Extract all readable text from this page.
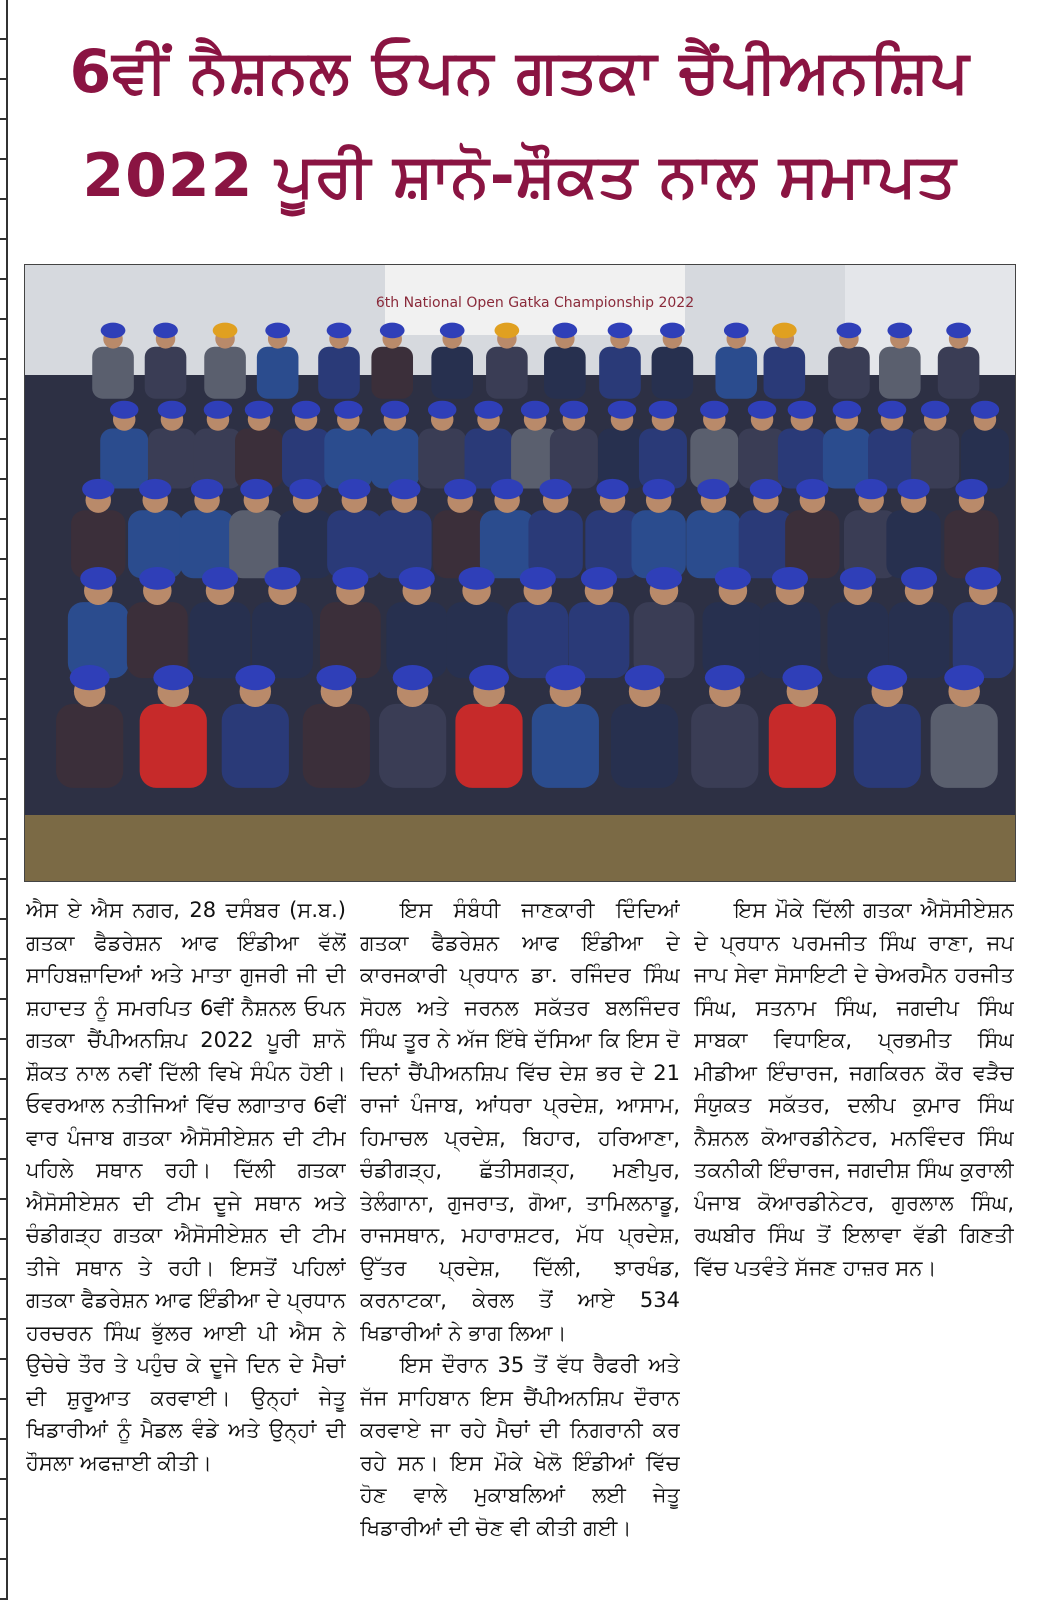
6ਵੀਂ ਨੈਸ਼ਨਲ ਓਪਨ ਗਤਕਾ ਚੈਂਪੀਅਨਸ਼ਿਪ
2022 ਪੂਰੀ ਸ਼ਾਨੋ-ਸ਼ੌਕਤ ਨਾਲ ਸਮਾਪਤ
6th National Open Gatka Championship 2022

ਐਸ ਏ ਐਸ ਨਗਰ, 28 ਦਸੰਬਰ (ਸ.ਬ.) ਗਤਕਾ ਫੈਡਰੇਸ਼ਨ ਆਫ ਇੰਡੀਆ ਵੱਲੋਂ ਸਾਹਿਬਜ਼ਾਦਿਆਂ ਅਤੇ ਮਾਤਾ ਗੁਜਰੀ ਜੀ ਦੀ ਸ਼ਹਾਦਤ ਨੂੰ ਸਮਰਪਿਤ 6ਵੀਂ ਨੈਸ਼ਨਲ ਓਪਨ ਗਤਕਾ ਚੈਂਪੀਅਨਸ਼ਿਪ 2022 ਪੂਰੀ ਸ਼ਾਨੋ ਸ਼ੌਕਤ ਨਾਲ ਨਵੀਂ ਦਿੱਲੀ ਵਿਖੇ ਸੰਪੰਨ ਹੋਈ। ਓਵਰਆਲ ਨਤੀਜਿਆਂ ਵਿੱਚ ਲਗਾਤਾਰ 6ਵੀਂ ਵਾਰ ਪੰਜਾਬ ਗਤਕਾ ਐਸੋਸੀਏਸ਼ਨ ਦੀ ਟੀਮ ਪਹਿਲੇ ਸਥਾਨ ਰਹੀ। ਦਿੱਲੀ ਗਤਕਾ ਐਸੋਸੀਏਸ਼ਨ ਦੀ ਟੀਮ ਦੂਜੇ ਸਥਾਨ ਅਤੇ ਚੰਡੀਗੜ੍ਹ ਗਤਕਾ ਐਸੋਸੀਏਸ਼ਨ ਦੀ ਟੀਮ ਤੀਜੇ ਸਥਾਨ ਤੇ ਰਹੀ। ਇਸਤੋਂ ਪਹਿਲਾਂ ਗਤਕਾ ਫੈਡਰੇਸ਼ਨ ਆਫ ਇੰਡੀਆ ਦੇ ਪ੍ਰਧਾਨ ਹਰਚਰਨ ਸਿੰਘ ਭੁੱਲਰ ਆਈ ਪੀ ਐਸ ਨੇ ਉਚੇਚੇ ਤੌਰ ਤੇ ਪਹੁੰਚ ਕੇ ਦੂਜੇ ਦਿਨ ਦੇ ਮੈਚਾਂ ਦੀ ਸ਼ੁਰੂਆਤ ਕਰਵਾਈ। ਉਨ੍ਹਾਂ ਜੇਤੂ ਖਿਡਾਰੀਆਂ ਨੂੰ ਮੈਡਲ ਵੰਡੇ ਅਤੇ ਉਨ੍ਹਾਂ ਦੀ ਹੌਸਲਾ ਅਫਜ਼ਾਈ ਕੀਤੀ।

ਇਸ ਸੰਬੰਧੀ ਜਾਣਕਾਰੀ ਦਿੰਦਿਆਂ ਗਤਕਾ ਫੈਡਰੇਸ਼ਨ ਆਫ ਇੰਡੀਆ ਦੇ ਕਾਰਜਕਾਰੀ ਪ੍ਰਧਾਨ ਡਾ. ਰਜਿੰਦਰ ਸਿੰਘ ਸੋਹਲ ਅਤੇ ਜਰਨਲ ਸਕੱਤਰ ਬਲਜਿੰਦਰ ਸਿੰਘ ਤੂਰ ਨੇ ਅੱਜ ਇੱਥੇ ਦੱਸਿਆ ਕਿ ਇਸ ਦੋ ਦਿਨਾਂ ਚੈਂਪੀਅਨਸ਼ਿਪ ਵਿੱਚ ਦੇਸ਼ ਭਰ ਦੇ 21 ਰਾਜਾਂ ਪੰਜਾਬ, ਆਂਧਰਾ ਪ੍ਰਦੇਸ਼, ਆਸਾਮ, ਹਿਮਾਚਲ ਪ੍ਰਦੇਸ਼, ਬਿਹਾਰ, ਹਰਿਆਣਾ, ਚੰਡੀਗੜ੍ਹ, ਛੱਤੀਸਗੜ੍ਹ, ਮਣੀਪੁਰ, ਤੇਲੰਗਾਨਾ, ਗੁਜਰਾਤ, ਗੋਆ, ਤਾਮਿਲਨਾਡੂ, ਰਾਜਸਥਾਨ, ਮਹਾਰਾਸ਼ਟਰ, ਮੱਧ ਪ੍ਰਦੇਸ਼, ਉੱਤਰ ਪ੍ਰਦੇਸ਼, ਦਿੱਲੀ, ਝਾਰਖੰਡ, ਕਰਨਾਟਕਾ, ਕੇਰਲ ਤੋਂ ਆਏ 534 ਖਿਡਾਰੀਆਂ ਨੇ ਭਾਗ ਲਿਆ।

ਇਸ ਦੌਰਾਨ 35 ਤੋਂ ਵੱਧ ਰੈਫਰੀ ਅਤੇ ਜੱਜ ਸਾਹਿਬਾਨ ਇਸ ਚੈਂਪੀਅਨਸ਼ਿਪ ਦੌਰਾਨ ਕਰਵਾਏ ਜਾ ਰਹੇ ਮੈਚਾਂ ਦੀ ਨਿਗਰਾਨੀ ਕਰ ਰਹੇ ਸਨ। ਇਸ ਮੌਕੇ ਖੇਲੋ ਇੰਡੀਆਂ ਵਿੱਚ ਹੋਣ ਵਾਲੇ ਮੁਕਾਬਲਿਆਂ ਲਈ ਜੇਤੂ ਖਿਡਾਰੀਆਂ ਦੀ ਚੋਣ ਵੀ ਕੀਤੀ ਗਈ।

ਇਸ ਮੌਕੇ ਦਿੱਲੀ ਗਤਕਾ ਐਸੋਸੀਏਸ਼ਨ ਦੇ ਪ੍ਰਧਾਨ ਪਰਮਜੀਤ ਸਿੰਘ ਰਾਣਾ, ਜਪ ਜਾਪ ਸੇਵਾ ਸੋਸਾਇਟੀ ਦੇ ਚੇਅਰਮੈਨ ਹਰਜੀਤ ਸਿੰਘ, ਸਤਨਾਮ ਸਿੰਘ, ਜਗਦੀਪ ਸਿੰਘ ਸਾਬਕਾ ਵਿਧਾਇਕ, ਪ੍ਰਭਮੀਤ ਸਿੰਘ ਮੀਡੀਆ ਇੰਚਾਰਜ, ਜਗਕਿਰਨ ਕੌਰ ਵੜੈਚ ਸੰਯੁਕਤ ਸਕੱਤਰ, ਦਲੀਪ ਕੁਮਾਰ ਸਿੰਘ ਨੈਸ਼ਨਲ ਕੋਆਰਡੀਨੇਟਰ, ਮਨਵਿੰਦਰ ਸਿੰਘ ਤਕਨੀਕੀ ਇੰਚਾਰਜ, ਜਗਦੀਸ਼ ਸਿੰਘ ਕੁਰਾਲੀ ਪੰਜਾਬ ਕੋਆਰਡੀਨੇਟਰ, ਗੁਰਲਾਲ ਸਿੰਘ, ਰਘਬੀਰ ਸਿੰਘ ਤੋਂ ਇਲਾਵਾ ਵੱਡੀ ਗਿਣਤੀ ਵਿੱਚ ਪਤਵੰਤੇ ਸੱਜਣ ਹਾਜ਼ਰ ਸਨ।
